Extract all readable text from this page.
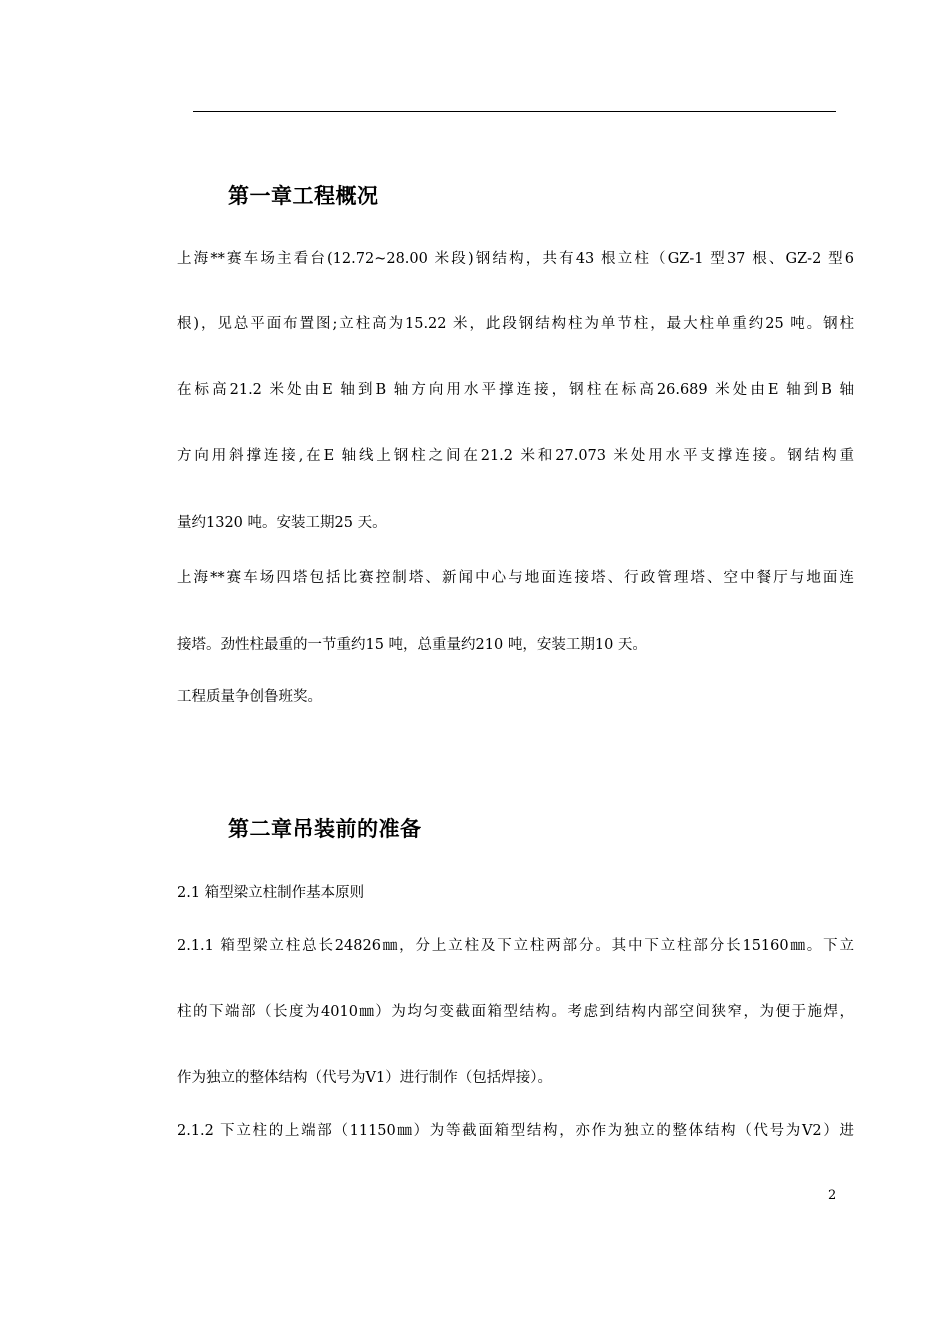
第一章工程概况
上海**赛车场主看台(12.72~28.00 米段)钢结构，共有43 根立柱（GZ-1 型37 根、GZ-2 型6
根)，见总平面布置图;立柱高为15.22 米，此段钢结构柱为单节柱，最大柱单重约25 吨。钢柱
在标高21.2 米处由E 轴到B 轴方向用水平撑连接，钢柱在标高26.689 米处由E 轴到B 轴
方向用斜撑连接,在E 轴线上钢柱之间在21.2 米和27.073 米处用水平支撑连接。钢结构重
量约1320 吨。安装工期25 天。
上海**赛车场四塔包括比赛控制塔、新闻中心与地面连接塔、行政管理塔、空中餐厅与地面连
接塔。劲性柱最重的一节重约15 吨，总重量约210 吨，安装工期10 天。
工程质量争创鲁班奖。
第二章吊装前的准备
2.1 箱型梁立柱制作基本原则
2.1.1 箱型梁立柱总长24826㎜，分上立柱及下立柱两部分。其中下立柱部分长15160㎜。下立
柱的下端部（长度为4010㎜）为均匀变截面箱型结构。考虑到结构内部空间狭窄，为便于施焊，
作为独立的整体结构（代号为V1）进行制作（包括焊接）。
2.1.2 下立柱的上端部（11150㎜）为等截面箱型结构，亦作为独立的整体结构（代号为V2）进
2
